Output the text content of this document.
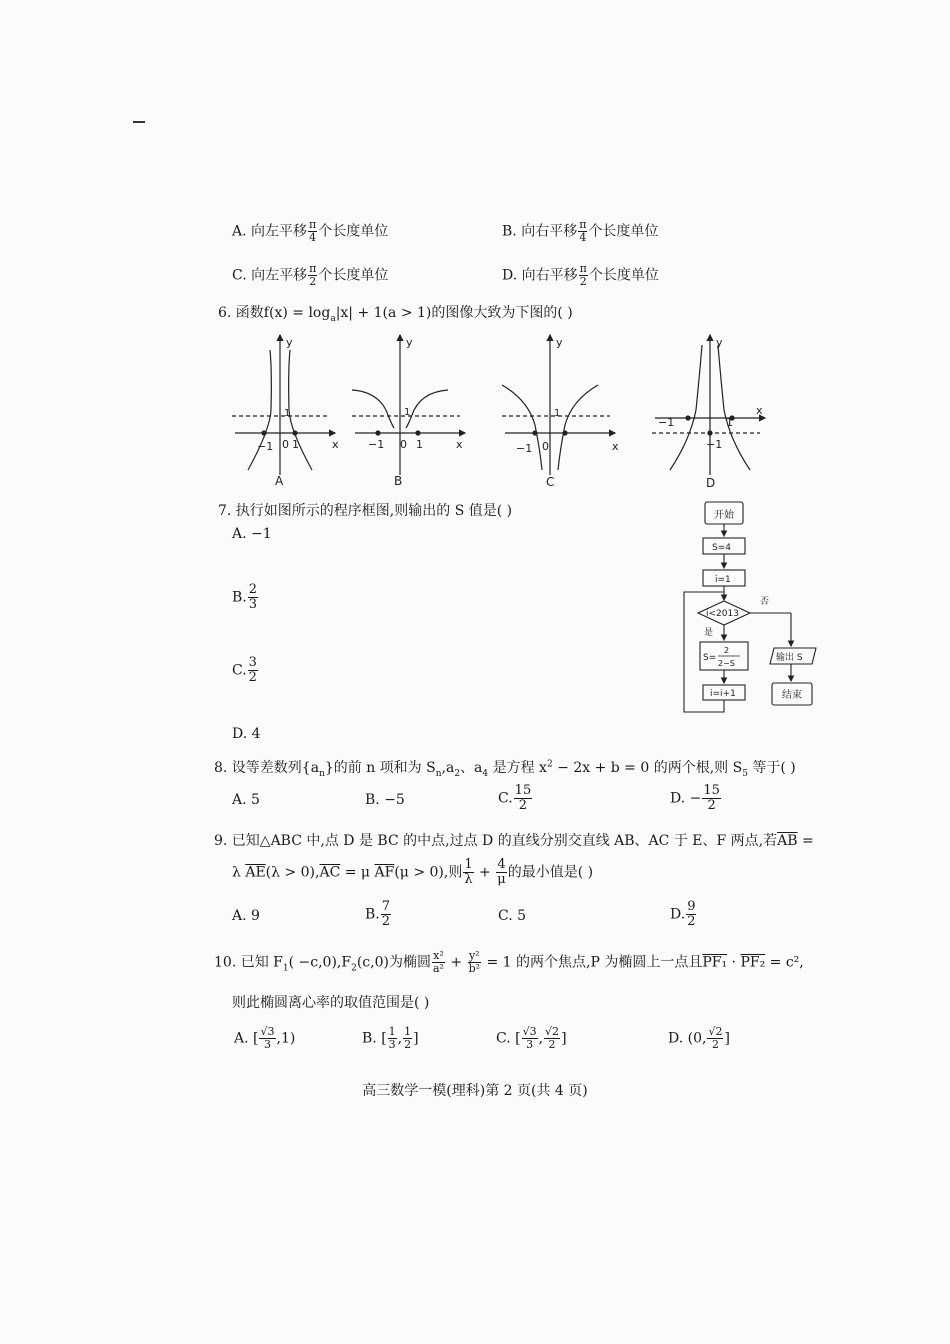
A. 向左平移 $\frac{\pi}{4}$ 个长度单位	B. 向右平移 $\frac{\pi}{4}$ 个长度单位
C. 向左平移 $\frac{\pi}{2}$ 个长度单位	D. 向右平移 $\frac{\pi}{2}$ 个长度单位
6. 函数$f(x) = \log_a|x| + 1(a > 1)$的图像大致为下图的( )
y
x
−1 0 1
1
A
y
x
−1 0 1
1
B
y
x
−1 0
1
C
y
x
−1	1
−1
D
7. 执行如图所示的程序框图,则输出的 S 值是( )
A. −1
B. $\frac{2}{3}$
C. $\frac{3}{2}$
D. 4
开始
S=4
i=1
i<2013
否
是
S=
2
2−S
i=i+1
输出 S
结束
8. 设等差数列$\{a_n\}$的前 n 项和为 $S_n,a_2$、$a_4$ 是方程 $x^2 - 2x + b = 0$ 的两个根,则 $S_5$ 等于( )
A. 5	B. −5	C. $\frac{15}{2}$	D. − $\frac{15}{2}$
9. 已知△ABC 中,点 D 是 BC 的中点,过点 D 的直线分别交直线 AB、AC 于 E、F 两点,若$\overline{AB}$ =
λ $\overline{AE}(\lambda > 0),\overline{AC} = \mu$ $\overline{AF}(\mu > 0)$,则 $\frac{1}{\lambda} + \frac{4}{\mu}$ 的最小值是( )
A. 9	B. $\frac{7}{2}$	C. 5	D. $\frac{9}{2}$
10. 已知 $F_1( -c,0),F_2(c,0)$为椭圆 $\frac{\text{x²}}{\text{a²}} + \frac{\text{y²}}{\text{b²}} = 1$ 的两个焦点,P 为椭圆上一点且PF₁ · PF₂ = c²,
则此椭圆离心率的取值范围是( )
A. [ $\frac{√3}{3} ,1$)	B. [ $\frac{1}{3}$ , $\frac{1}{2}$ ]	C. [ $\frac{√3}{3}$ , $\frac{√2}{2}$ ]	D. (0, $\frac{√2}{2}$ ]
高三数学一模(理科)第 2 页(共 4 页)
